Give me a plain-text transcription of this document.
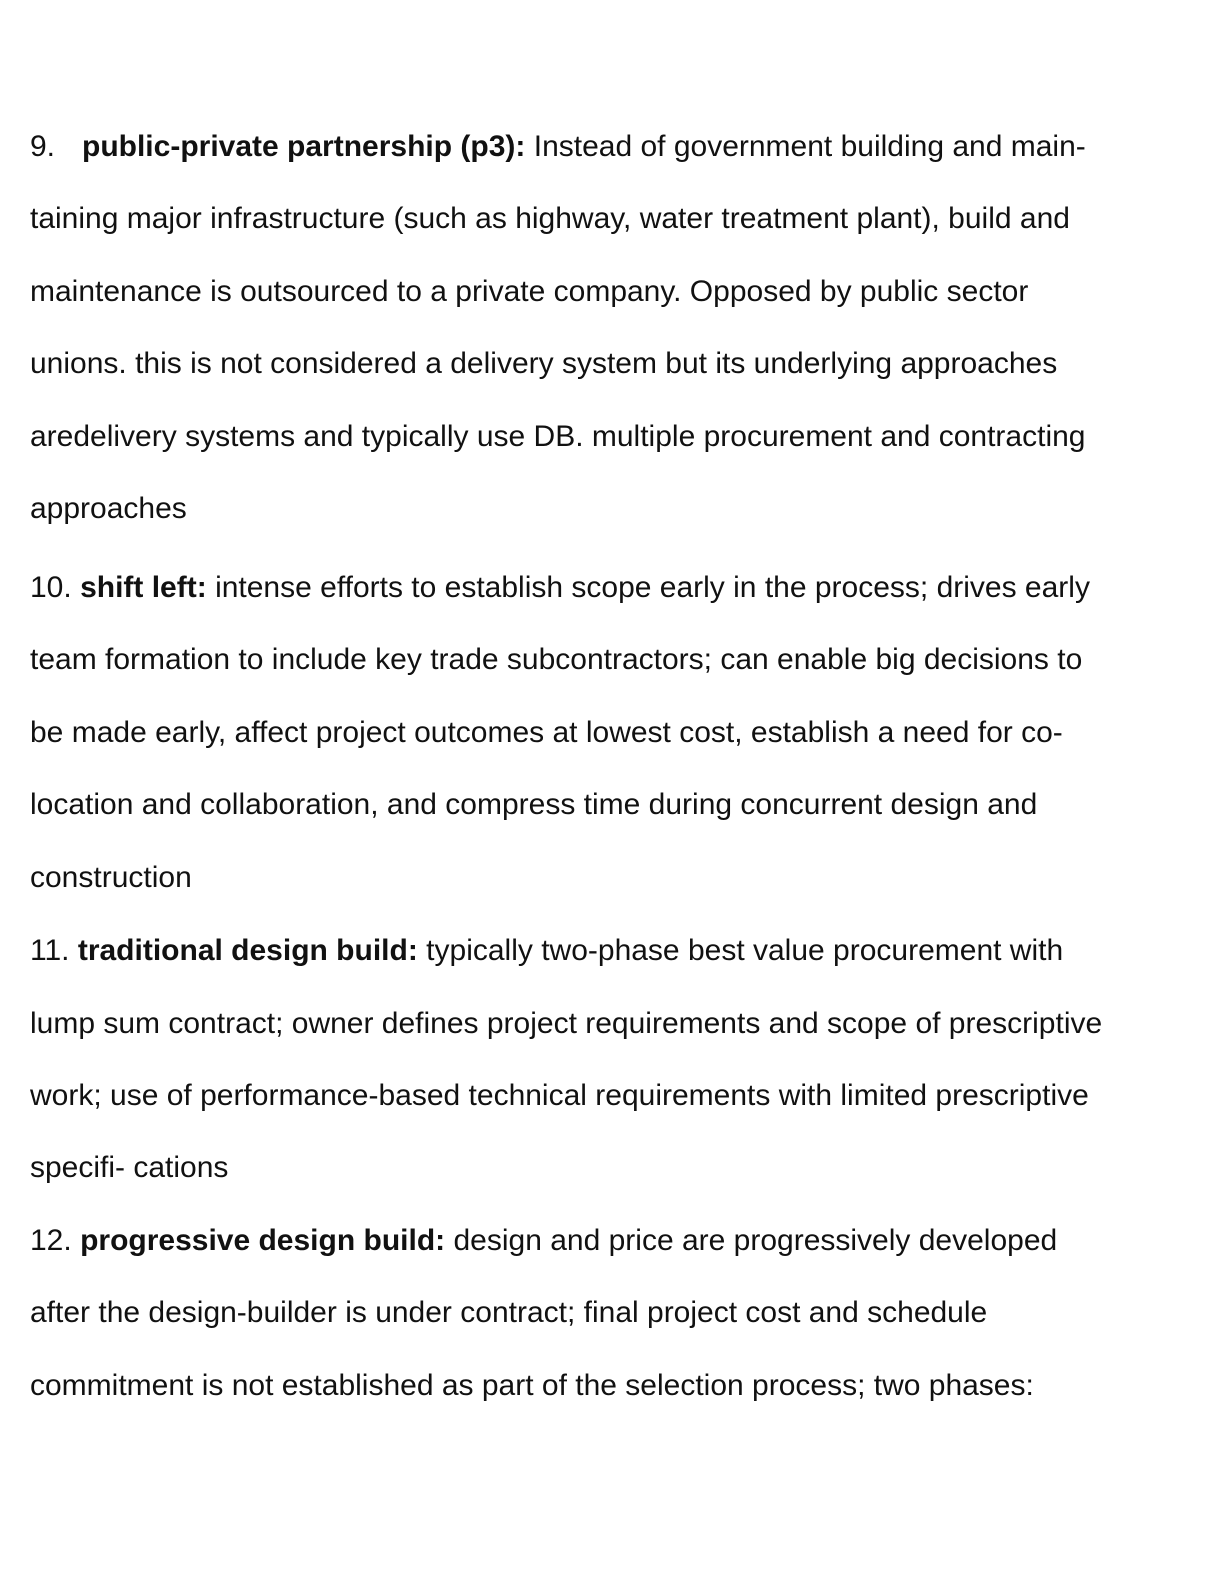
9. public-private partnership (p3): Instead of government building and main-

taining major infrastructure (such as highway, water treatment plant), build and

maintenance is outsourced to a private company. Opposed by public sector

unions. this is not considered a delivery system but its underlying approaches

aredelivery systems and typically use DB. multiple procurement and contracting

approaches

10. shift left: intense efforts to establish scope early in the process; drives early

team formation to include key trade subcontractors; can enable big decisions to

be made early, affect project outcomes at lowest cost, establish a need for co-

location and collaboration, and compress time during concurrent design and

construction

11. traditional design build: typically two-phase best value procurement with

lump sum contract; owner defines project requirements and scope of prescriptive

work; use of performance-based technical requirements with limited prescriptive

specifi- cations

12. progressive design build: design and price are progressively developed

after the design-builder is under contract; final project cost and schedule

commitment is not established as part of the selection process; two phases:
